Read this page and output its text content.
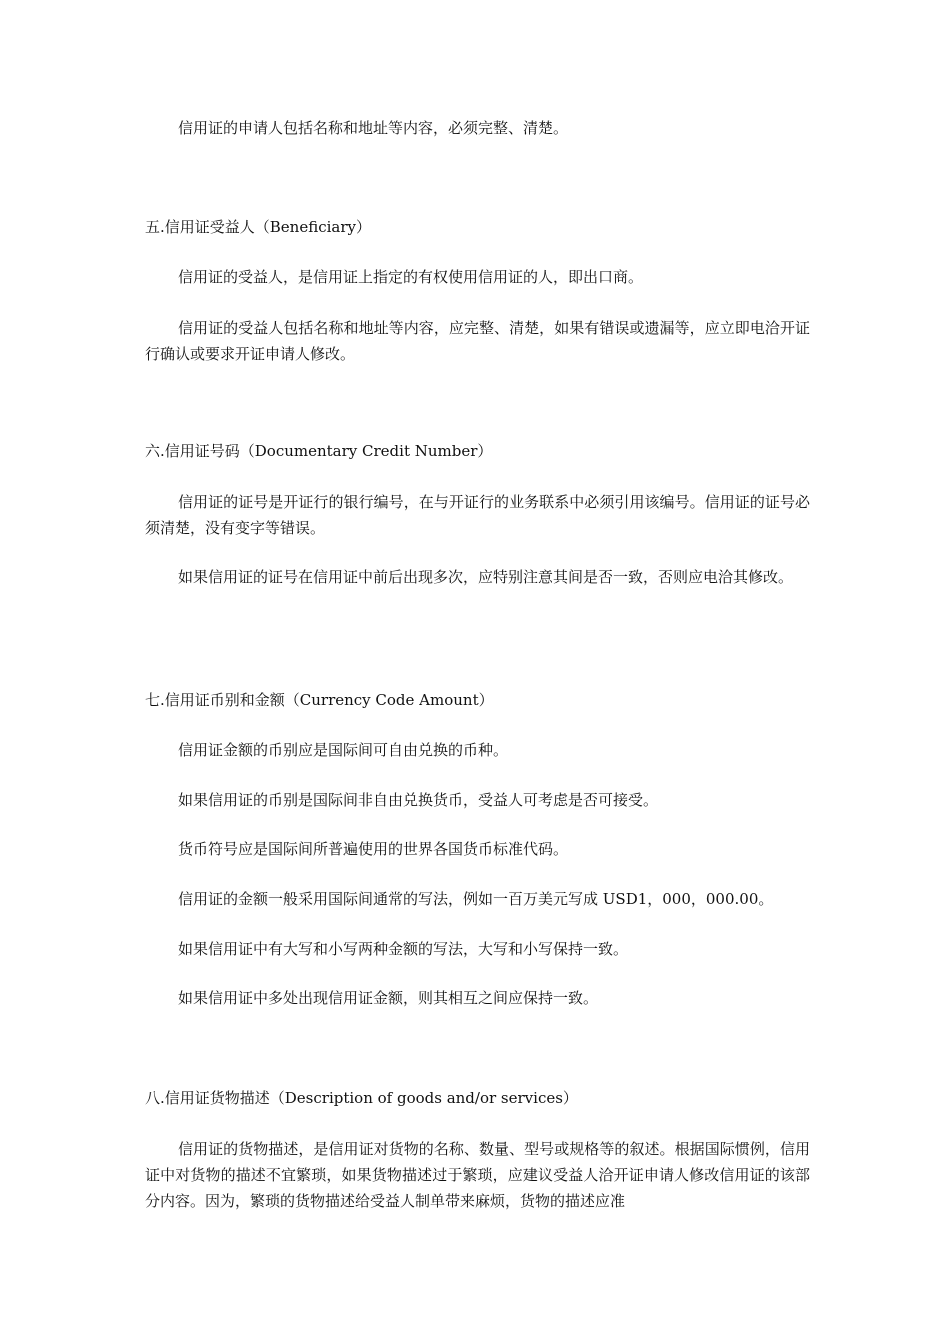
信用证的申请人包括名称和地址等内容，必须完整、清楚。

五.信用证受益人（Beneficiary）

信用证的受益人，是信用证上指定的有权使用信用证的人，即出口商。

信用证的受益人包括名称和地址等内容，应完整、清楚，如果有错误或遗漏等，应立即电洽开证行确认或要求开证申请人修改。

六.信用证号码（Documentary Credit Number）

信用证的证号是开证行的银行编号，在与开证行的业务联系中必须引用该编号。信用证的证号必须清楚，没有变字等错误。

如果信用证的证号在信用证中前后出现多次，应特别注意其间是否一致，否则应电洽其修改。

七.信用证币别和金额（Currency Code Amount）

信用证金额的币别应是国际间可自由兑换的币种。

如果信用证的币别是国际间非自由兑换货币，受益人可考虑是否可接受。

货币符号应是国际间所普遍使用的世界各国货币标准代码。

信用证的金额一般采用国际间通常的写法，例如一百万美元写成 USD1，000，000.00。

如果信用证中有大写和小写两种金额的写法，大写和小写保持一致。

如果信用证中多处出现信用证金额，则其相互之间应保持一致。

八.信用证货物描述（Description of goods and/or services）

信用证的货物描述，是信用证对货物的名称、数量、型号或规格等的叙述。根据国际惯例，信用证中对货物的描述不宜繁琐，如果货物描述过于繁琐，应建议受益人洽开证申请人修改信用证的该部分内容。因为，繁琐的货物描述给受益人制单带来麻烦，货物的描述应准
